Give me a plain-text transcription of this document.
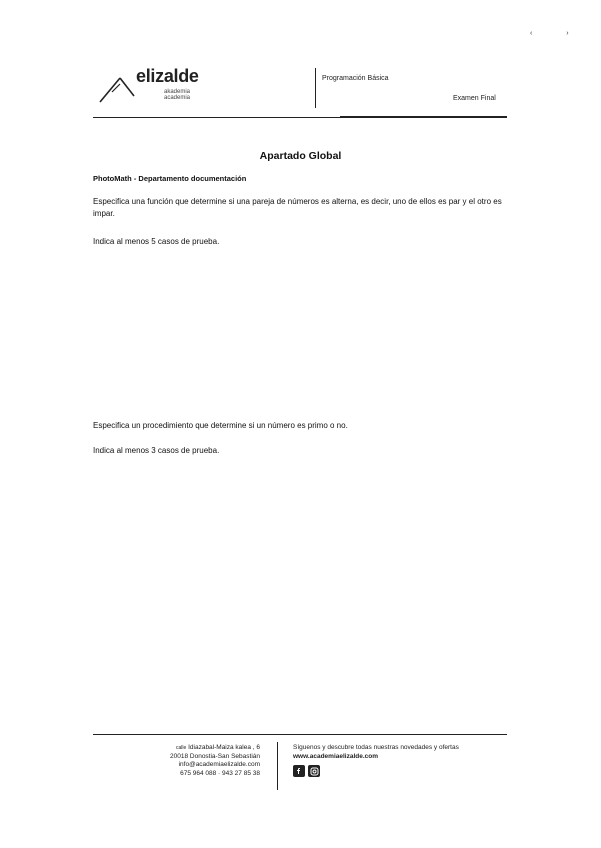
‹ ›
elizalde
akademia
academia
Programación Básica
Examen Final
Apartado Global
PhotoMath - Departamento documentación
Especifica una función que determine si una pareja de números es alterna, es decir, uno de ellos es par y el otro es impar.
Indica al menos 5 casos de prueba.
Especifica un procedimiento que determine si un número es primo o no.
Indica al menos 3 casos de prueba.
calle Idiazabal-Maiza kalea , 6
20018 Donostia-San Sebastián
info@academiaelizalde.com
675 964 088 · 943 27 85 38
Síguenos y descubre todas nuestras novedades y ofertas
www.academiaelizalde.com
